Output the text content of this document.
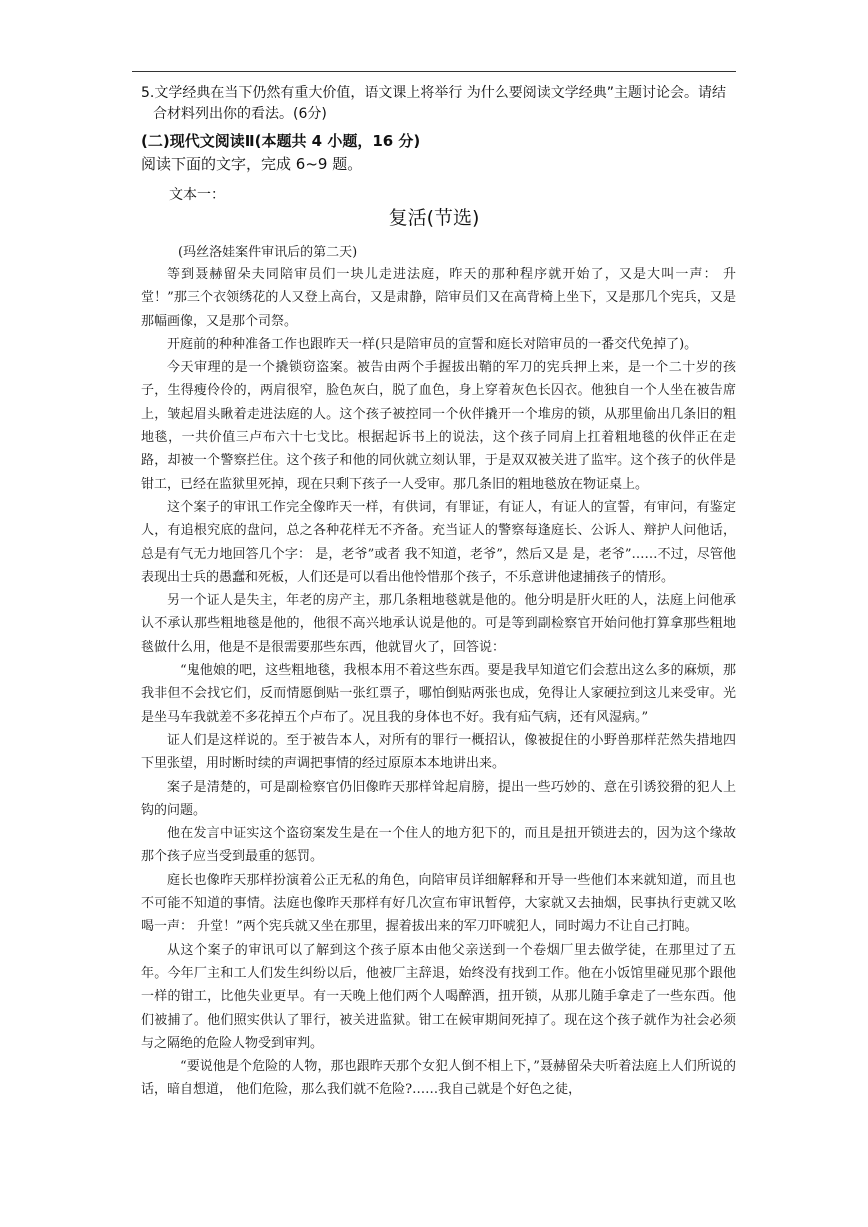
5.文学经典在当下仍然有重大价值，语文课上将举行 为什么要阅读文学经典”主题讨论会。请结
合材料列出你的看法。(6分)
(二)现代文阅读Ⅱ(本题共 4 小题，16 分)
阅读下面的文字，完成 6~9 题。
文本一：
复活(节选)
(玛丝洛娃案件审讯后的第二天)

等到聂赫留朵夫同陪审员们一块儿走进法庭，昨天的那种程序就开始了，又是大叫一声： 升堂！”那三个衣领绣花的人又登上高台，又是肃静，陪审员们又在高背椅上坐下，又是那几个宪兵，又是那幅画像，又是那个司祭。

开庭前的种种准备工作也跟昨天一样(只是陪审员的宣誓和庭长对陪审员的一番交代免掉了)。

今天审理的是一个撬锁窃盗案。被告由两个手握拔出鞘的军刀的宪兵押上来，是一个二十岁的孩子，生得瘦伶伶的，两肩很窄，脸色灰白，脱了血色，身上穿着灰色长囚衣。他独自一个人坐在被告席上，皱起眉头瞅着走进法庭的人。这个孩子被控同一个伙伴撬开一个堆房的锁，从那里偷出几条旧的粗地毯，一共价值三卢布六十七戈比。根据起诉书上的说法，这个孩子同肩上扛着粗地毯的伙伴正在走路，却被一个警察拦住。这个孩子和他的同伙就立刻认罪，于是双双被关进了监牢。这个孩子的伙伴是钳工，已经在监狱里死掉，现在只剩下孩子一人受审。那几条旧的粗地毯放在物证桌上。

这个案子的审讯工作完全像昨天一样，有供词，有罪证，有证人，有证人的宣誓，有审问，有鉴定人，有追根究底的盘问，总之各种花样无不齐备。充当证人的警察每逢庭长、公诉人、辩护人问他话，总是有气无力地回答几个字： 是，老爷”或者 我不知道，老爷”，然后又是 是，老爷”……不过，尽管他表现出士兵的愚蠢和死板，人们还是可以看出他怜惜那个孩子，不乐意讲他逮捕孩子的情形。

另一个证人是失主，年老的房产主，那几条粗地毯就是他的。他分明是肝火旺的人，法庭上问他承认不承认那些粗地毯是他的，他很不高兴地承认说是他的。可是等到副检察官开始问他打算拿那些粗地毯做什么用，他是不是很需要那些东西，他就冒火了，回答说：

“鬼他娘的吧，这些粗地毯，我根本用不着这些东西。要是我早知道它们会惹出这么多的麻烦，那我非但不会找它们，反而情愿倒贴一张红票子，哪怕倒贴两张也成，免得让人家硬拉到这儿来受审。光是坐马车我就差不多花掉五个卢布了。况且我的身体也不好。我有疝气病，还有风湿病。”

证人们是这样说的。至于被告本人，对所有的罪行一概招认，像被捉住的小野兽那样茫然失措地四下里张望，用时断时续的声调把事情的经过原原本本地讲出来。

案子是清楚的，可是副检察官仍旧像昨天那样耸起肩膀，提出一些巧妙的、意在引诱狡猾的犯人上钩的问题。

他在发言中证实这个盗窃案发生是在一个住人的地方犯下的，而且是扭开锁进去的，因为这个缘故那个孩子应当受到最重的惩罚。

庭长也像昨天那样扮演着公正无私的角色，向陪审员详细解释和开导一些他们本来就知道，而且也不可能不知道的事情。法庭也像昨天那样有好几次宣布审讯暂停，大家就又去抽烟，民事执行吏就又吆喝一声： 升堂！”两个宪兵就又坐在那里，握着拔出来的军刀吓唬犯人，同时竭力不让自己打盹。

从这个案子的审讯可以了解到这个孩子原本由他父亲送到一个卷烟厂里去做学徒，在那里过了五年。今年厂主和工人们发生纠纷以后，他被厂主辞退，始终没有找到工作。他在小饭馆里碰见那个跟他一样的钳工，比他失业更早。有一天晚上他们两个人喝醉酒，扭开锁，从那儿随手拿走了一些东西。他们被捕了。他们照实供认了罪行，被关进监狱。钳工在候审期间死掉了。现在这个孩子就作为社会必须与之隔绝的危险人物受到审判。

“要说他是个危险的人物，那也跟昨天那个女犯人倒不相上下，”聂赫留朵夫听着法庭上人们所说的话，暗自想道， 他们危险，那么我们就不危险?……我自己就是个好色之徒，
